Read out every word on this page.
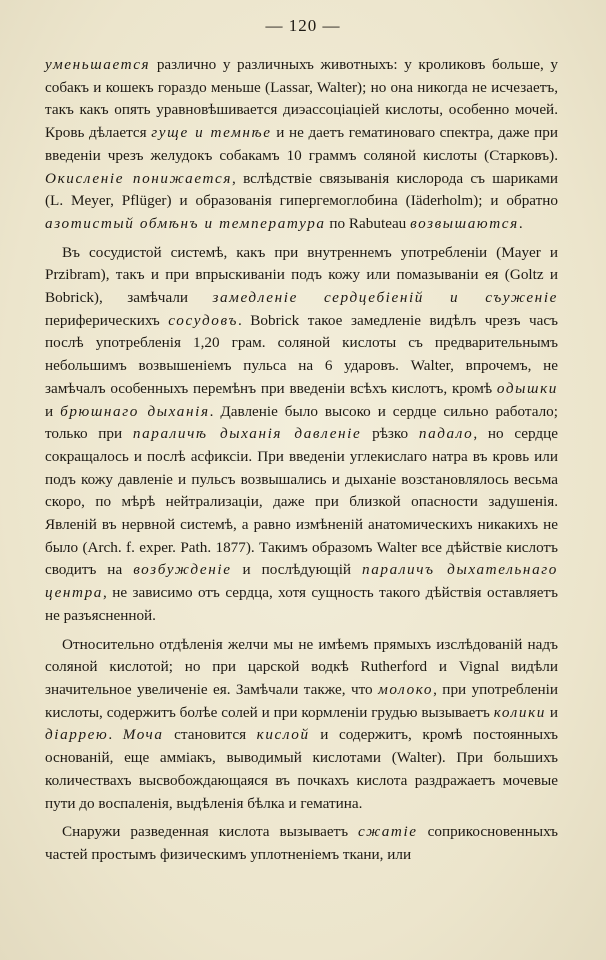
— 120 —

уменьшается различно у различныхъ животныхъ: у кроликовъ больше, у собакъ и кошекъ гораздо меньше (Lassar, Walter); но она никогда не исчезаетъ, такъ какъ опять уравновѣшивается диэассоціаціей кислоты, особенно мочей. Кровь дѣлается гуще и темнѣе и не даетъ гематиноваго спектра, даже при введеніи чрезъ желудокъ собакамъ 10 граммъ соляной кислоты (Старковъ). Окисленіе понижается, вслѣдствіе связыванія кислорода съ шариками (L. Meyer, Pflüger) и образованія гипергемоглобина (Iäderholm); и обратно азотистый обмѣнъ и температура по Rabuteau возвышаются.

Въ сосудистой системѣ, какъ при внутреннемъ употребленіи (Mayer и Przibram), такъ и при впрыскиваніи подъ кожу или помазываніи ея (Goltz и Bobrick), замѣчали замедленіе сердцебіеній и съуженіе периферическихъ сосудовъ. Bobrick такое замедленіе видѣлъ чрезъ часъ послѣ употребленія 1,20 грам. соляной кислоты съ предварительнымъ небольшимъ возвышеніемъ пульса на 6 ударовъ. Walter, впрочемъ, не замѣчалъ особенныхъ перемѣнъ при введеніи всѣхъ кислотъ, кромѣ одышки и брюшнаго дыханія. Давленіе было высоко и сердце сильно работало; только при параличѣ дыханія давленіе рѣзко падало, но сердце сокращалось и послѣ асфиксіи. При введеніи углекислаго натра въ кровь или подъ кожу давленіе и пульсъ возвышались и дыханіе возстановлялось весьма скоро, по мѣрѣ нейтрализаціи, даже при близкой опасности задушенія. Явленій въ нервной системѣ, а равно измѣненій анатомическихъ никакихъ не было (Arch. f. exper. Path. 1877). Такимъ образомъ Walter все дѣйствіе кислотъ сводитъ на возбужденіе и послѣдующій параличъ дыхательнаго центра, не зависимо отъ сердца, хотя сущность такого дѣйствія оставляетъ не разъясненной.

Относительно отдѣленія желчи мы не имѣемъ прямыхъ изслѣдованій надъ соляной кислотой; но при царской водкѣ Rutherford и Vignal видѣли значительное увеличеніе ея. Замѣчали также, что молоко, при употребленіи кислоты, содержитъ болѣе солей и при кормленіи грудью вызываетъ колики и діаррею. Моча становится кислой и содержитъ, кромѣ постоянныхъ основаній, еще амміакъ, выводимый кислотами (Walter). При большихъ количествахъ высвобождающаяся въ почкахъ кислота раздражаетъ мочевые пути до воспаленія, выдѣленія бѣлка и гематина.

Снаружи разведенная кислота вызываетъ сжатіе соприкосновенныхъ частей простымъ физическимъ уплотненіемъ ткани, или
